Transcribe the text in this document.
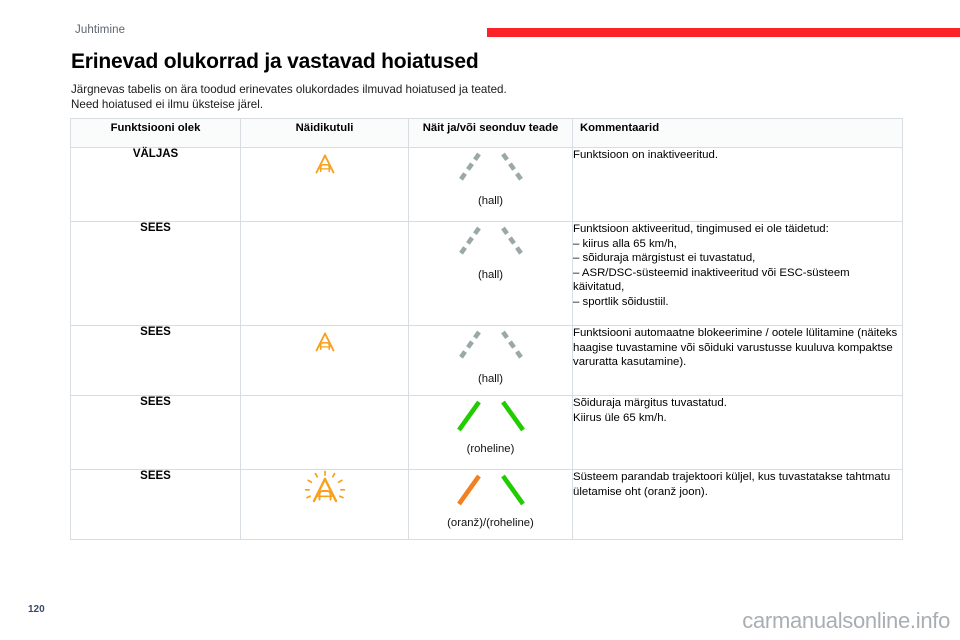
Juhtimine
Erinevad olukorrad ja vastavad hoiatused

Järgnevas tabelis on ära toodud erinevates olukordades ilmuvad hoiatused ja teated.

Need hoiatused ei ilmu üksteise järel.

Funktsiooni olek	Näidikutuli	Näit ja/või seonduv teade	Kommentaarid
VÄLJAS		(hall)	Funktsioon on inaktiveeritud.

SEES		(hall)	Funktsioon aktiveeritud, tingimused ei ole täidetud:

– kiirus alla 65 km/h,

– sõiduraja märgistust ei tuvastatud,

– ASR/DSC-süsteemid inaktiveeritud või ESC-süsteem käivitatud,

– sportlik sõidustiil.

SEES		(hall)	Funktsiooni automaatne blokeerimine / ootele lülitamine (näiteks haagise tuvastamine või sõiduki varustusse kuuluva kompaktse varuratta kasutamine).

SEES		(roheline)	Sõiduraja märgitus tuvastatud.

Kiirus üle 65 km/h.

SEES		(oranž)/(roheline)	Süsteem parandab trajektoori küljel, kus tuvastatakse tahtmatu ületamise oht (oranž joon).

120	carmanualsonline.info
